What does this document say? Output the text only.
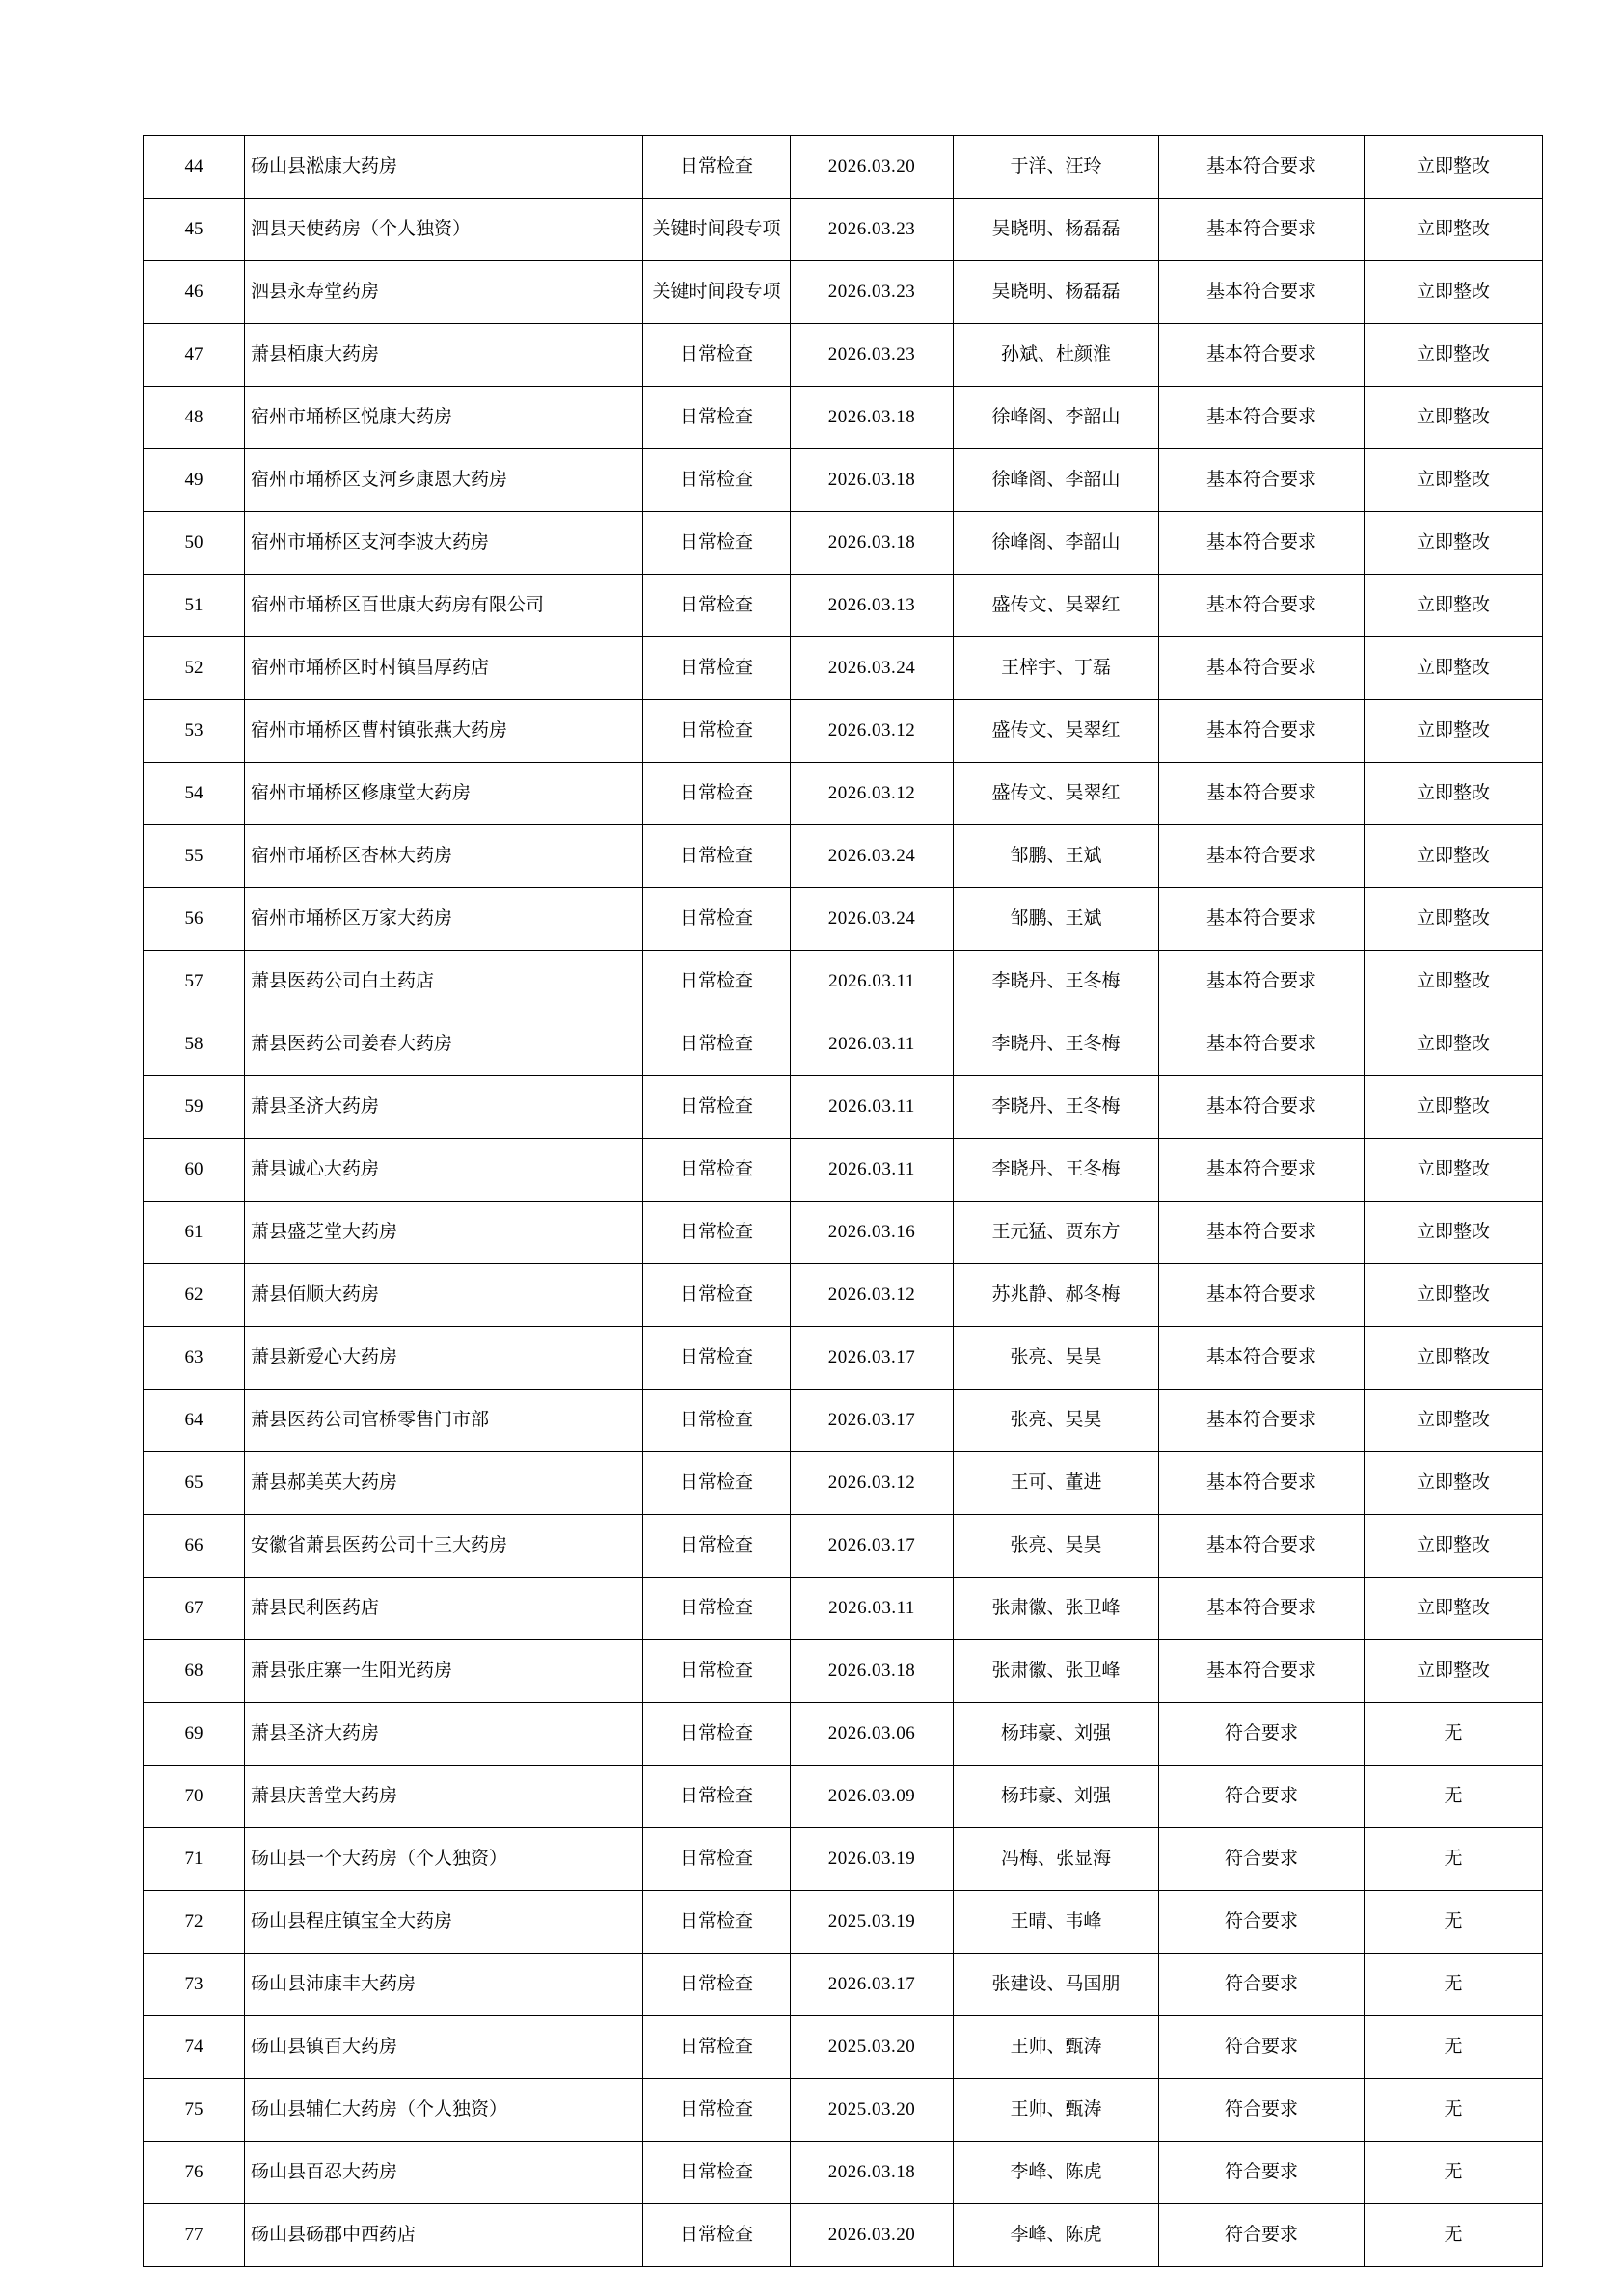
44	砀山县淞康大药房	日常检查	2026.03.20	于洋、汪玲	基本符合要求	立即整改
45	泗县天使药房（个人独资）	关键时间段专项	2026.03.23	吴晓明、杨磊磊	基本符合要求	立即整改
46	泗县永寿堂药房	关键时间段专项	2026.03.23	吴晓明、杨磊磊	基本符合要求	立即整改
47	萧县栢康大药房	日常检查	2026.03.23	孙斌、杜颜淮	基本符合要求	立即整改
48	宿州市埇桥区悦康大药房	日常检查	2026.03.18	徐峰阁、李韶山	基本符合要求	立即整改
49	宿州市埇桥区支河乡康恩大药房	日常检查	2026.03.18	徐峰阁、李韶山	基本符合要求	立即整改
50	宿州市埇桥区支河李波大药房	日常检查	2026.03.18	徐峰阁、李韶山	基本符合要求	立即整改
51	宿州市埇桥区百世康大药房有限公司	日常检查	2026.03.13	盛传文、吴翠红	基本符合要求	立即整改
52	宿州市埇桥区时村镇昌厚药店	日常检查	2026.03.24	王梓宇、丁磊	基本符合要求	立即整改
53	宿州市埇桥区曹村镇张燕大药房	日常检查	2026.03.12	盛传文、吴翠红	基本符合要求	立即整改
54	宿州市埇桥区修康堂大药房	日常检查	2026.03.12	盛传文、吴翠红	基本符合要求	立即整改
55	宿州市埇桥区杏林大药房	日常检查	2026.03.24	邹鹏、王斌	基本符合要求	立即整改
56	宿州市埇桥区万家大药房	日常检查	2026.03.24	邹鹏、王斌	基本符合要求	立即整改
57	萧县医药公司白土药店	日常检查	2026.03.11	李晓丹、王冬梅	基本符合要求	立即整改
58	萧县医药公司姜春大药房	日常检查	2026.03.11	李晓丹、王冬梅	基本符合要求	立即整改
59	萧县圣济大药房	日常检查	2026.03.11	李晓丹、王冬梅	基本符合要求	立即整改
60	萧县诚心大药房	日常检查	2026.03.11	李晓丹、王冬梅	基本符合要求	立即整改
61	萧县盛芝堂大药房	日常检查	2026.03.16	王元猛、贾东方	基本符合要求	立即整改
62	萧县佰顺大药房	日常检查	2026.03.12	苏兆静、郝冬梅	基本符合要求	立即整改
63	萧县新爱心大药房	日常检查	2026.03.17	张亮、吴昊	基本符合要求	立即整改
64	萧县医药公司官桥零售门市部	日常检查	2026.03.17	张亮、吴昊	基本符合要求	立即整改
65	萧县郝美英大药房	日常检查	2026.03.12	王可、董进	基本符合要求	立即整改
66	安徽省萧县医药公司十三大药房	日常检查	2026.03.17	张亮、吴昊	基本符合要求	立即整改
67	萧县民利医药店	日常检查	2026.03.11	张肃徽、张卫峰	基本符合要求	立即整改
68	萧县张庄寨一生阳光药房	日常检查	2026.03.18	张肃徽、张卫峰	基本符合要求	立即整改
69	萧县圣济大药房	日常检查	2026.03.06	杨玮豪、刘强	符合要求	无
70	萧县庆善堂大药房	日常检查	2026.03.09	杨玮豪、刘强	符合要求	无
71	砀山县一个大药房（个人独资）	日常检查	2026.03.19	冯梅、张显海	符合要求	无
72	砀山县程庄镇宝全大药房	日常检查	2025.03.19	王晴、韦峰	符合要求	无
73	砀山县沛康丰大药房	日常检查	2026.03.17	张建设、马国朋	符合要求	无
74	砀山县镇百大药房	日常检查	2025.03.20	王帅、甄涛	符合要求	无
75	砀山县辅仁大药房（个人独资）	日常检查	2025.03.20	王帅、甄涛	符合要求	无
76	砀山县百忍大药房	日常检查	2026.03.18	李峰、陈虎	符合要求	无
77	砀山县砀郡中西药店	日常检查	2026.03.20	李峰、陈虎	符合要求	无
